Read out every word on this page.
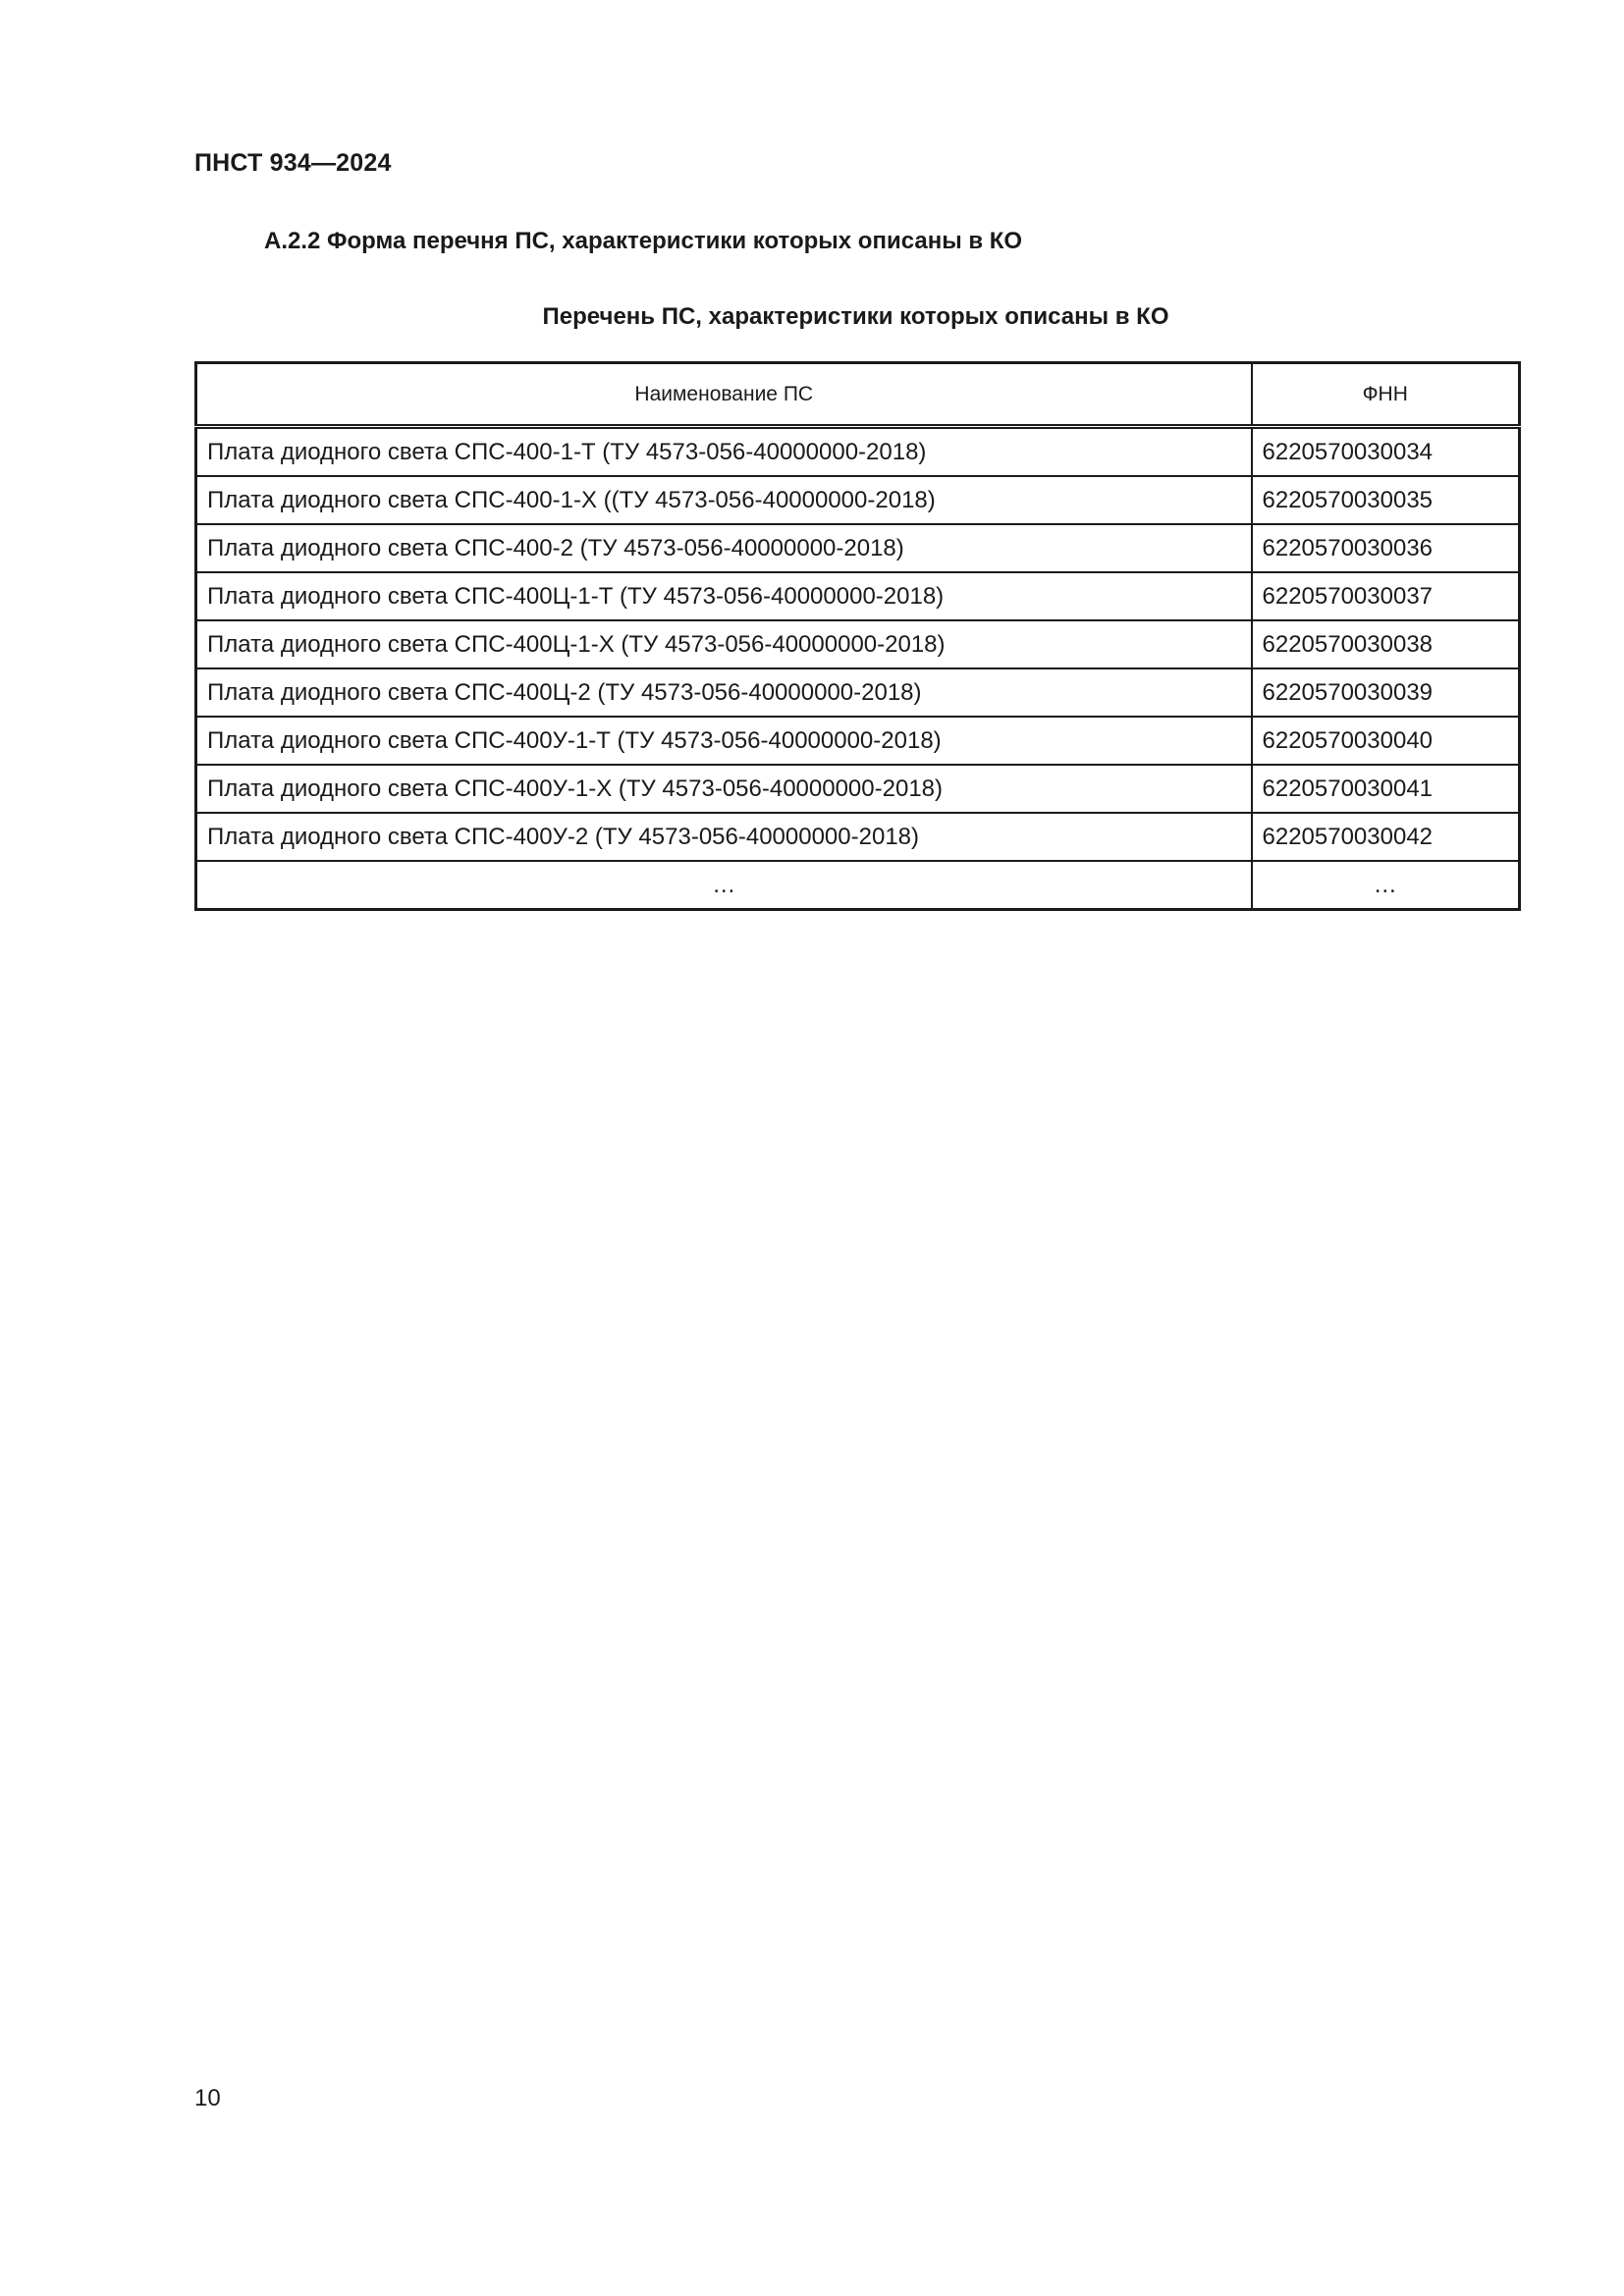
ПНСТ 934—2024
А.2.2 Форма перечня ПС, характеристики которых описаны в КО
Перечень ПС, характеристики которых описаны в КО
Наименование ПС	ФНН
Плата диодного света СПС-400-1-Т (ТУ 4573-056-40000000-2018)	6220570030034
Плата диодного света СПС-400-1-Х ((ТУ 4573-056-40000000-2018)	6220570030035
Плата диодного света СПС-400-2 (ТУ 4573-056-40000000-2018)	6220570030036
Плата диодного света СПС-400Ц-1-Т (ТУ 4573-056-40000000-2018)	6220570030037
Плата диодного света СПС-400Ц-1-Х (ТУ 4573-056-40000000-2018)	6220570030038
Плата диодного света СПС-400Ц-2 (ТУ 4573-056-40000000-2018)	6220570030039
Плата диодного света СПС-400У-1-Т (ТУ 4573-056-40000000-2018)	6220570030040
Плата диодного света СПС-400У-1-Х (ТУ 4573-056-40000000-2018)	6220570030041
Плата диодного света СПС-400У-2 (ТУ 4573-056-40000000-2018)	6220570030042
…	…
10
